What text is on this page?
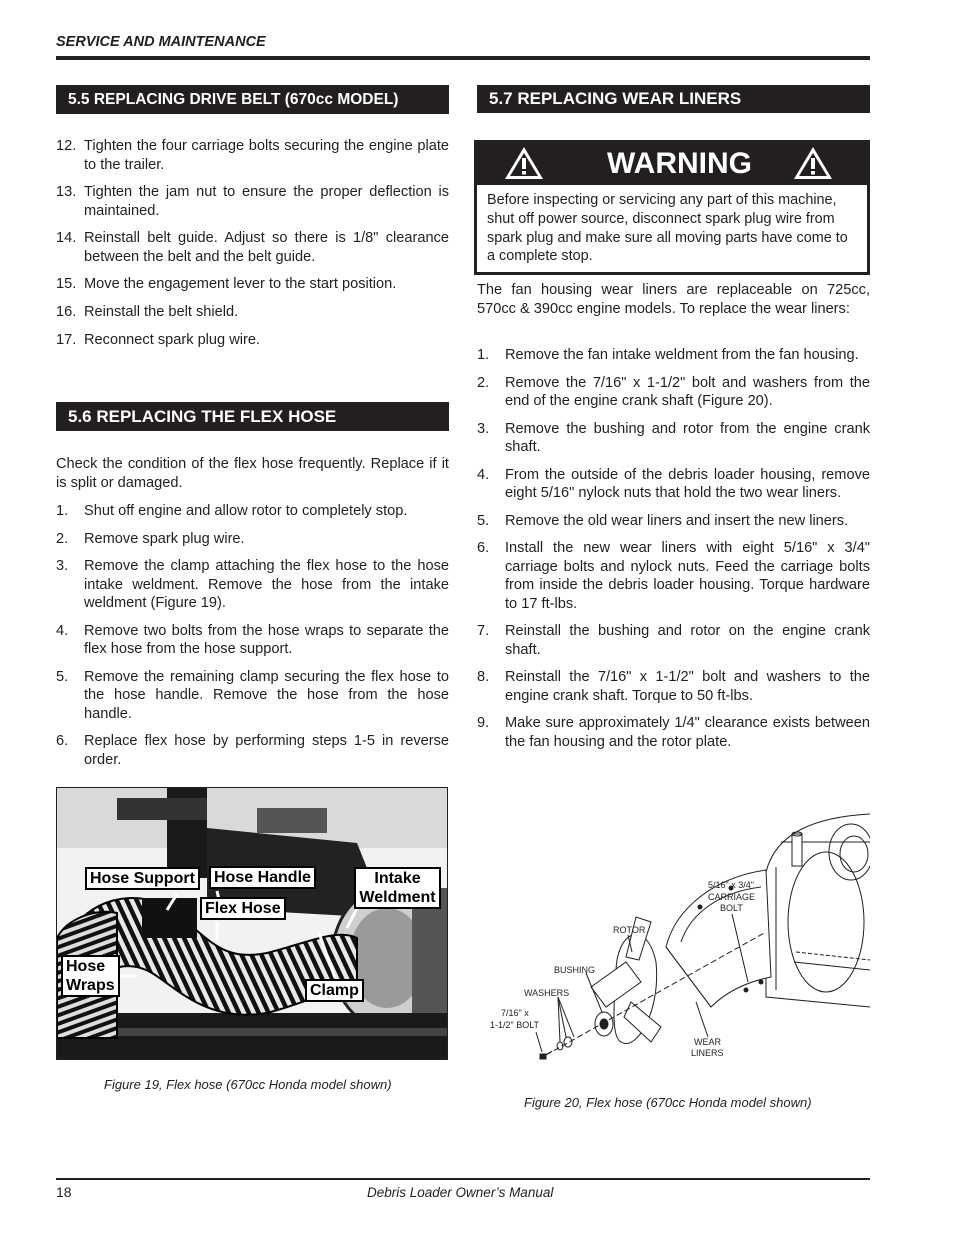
SERVICE AND MAINTENANCE
5.5 REPLACING DRIVE BELT (670cc MODEL)
12. Tighten the four carriage bolts securing the engine plate to the trailer.
13. Tighten the jam nut to ensure the proper deflection is maintained.
14. Reinstall belt guide. Adjust so there is 1/8" clearance between the belt and the belt guide.
15. Move the engagement lever to the start position.
16. Reinstall the belt shield.
17. Reconnect spark plug wire.
5.6 REPLACING THE FLEX HOSE
Check the condition of the flex hose frequently. Replace if it is split or damaged.
1.	Shut off engine and allow rotor to completely stop.
2.	Remove spark plug wire.
3.	Remove the clamp attaching the flex hose to the hose intake weldment. Remove the hose from the intake weldment (Figure 19).
4.	Remove two bolts from the hose wraps to separate the flex hose from the hose support.
5.	Remove the remaining clamp securing the flex hose to the hose handle. Remove the hose from the hose handle.
6.	Replace flex hose by performing steps 1-5 in reverse order.
Hose Support	Hose Handle	Intake
Weldment
Flex Hose
Hose
Wraps	Clamp
Figure 19, Flex hose (670cc Honda model shown)
5.7 REPLACING WEAR LINERS
WARNING
Before inspecting or servicing any part of this machine, shut off power source, disconnect spark plug wire from spark plug and make sure all moving parts have come to a complete stop.
The fan housing wear liners are replaceable on 725cc, 570cc & 390cc engine models. To replace the wear liners:
1.	Remove the fan intake weldment from the fan housing.
2.	Remove the 7/16" x 1-1/2" bolt and washers from the end of the engine crank shaft (Figure 20).
3.	Remove the bushing and rotor from the engine crank shaft.
4.	From the outside of the debris loader housing, remove eight 5/16" nylock nuts that hold the two wear liners.
5.	Remove the old wear liners and insert the new liners.
6.	Install the new wear liners with eight 5/16" x 3/4" carriage bolts and nylock nuts. Feed the carriage bolts from inside the debris loader housing. Torque hardware to 17 ft-lbs.
7.	Reinstall the bushing and rotor on the engine crank shaft.
8.	Reinstall the 7/16" x 1-1/2" bolt and washers to the engine crank shaft. Torque to 50 ft-lbs.
9.	Make sure approximately 1/4" clearance exists between the fan housing and the rotor plate.
5/16" x 3/4"
CARRIAGE
BOLT
ROTOR
BUSHING
WASHERS
7/16" x
1-1/2" BOLT
WEAR
LINERS
Figure 20, Flex hose (670cc Honda model shown)
18	Debris Loader Owner’s Manual
